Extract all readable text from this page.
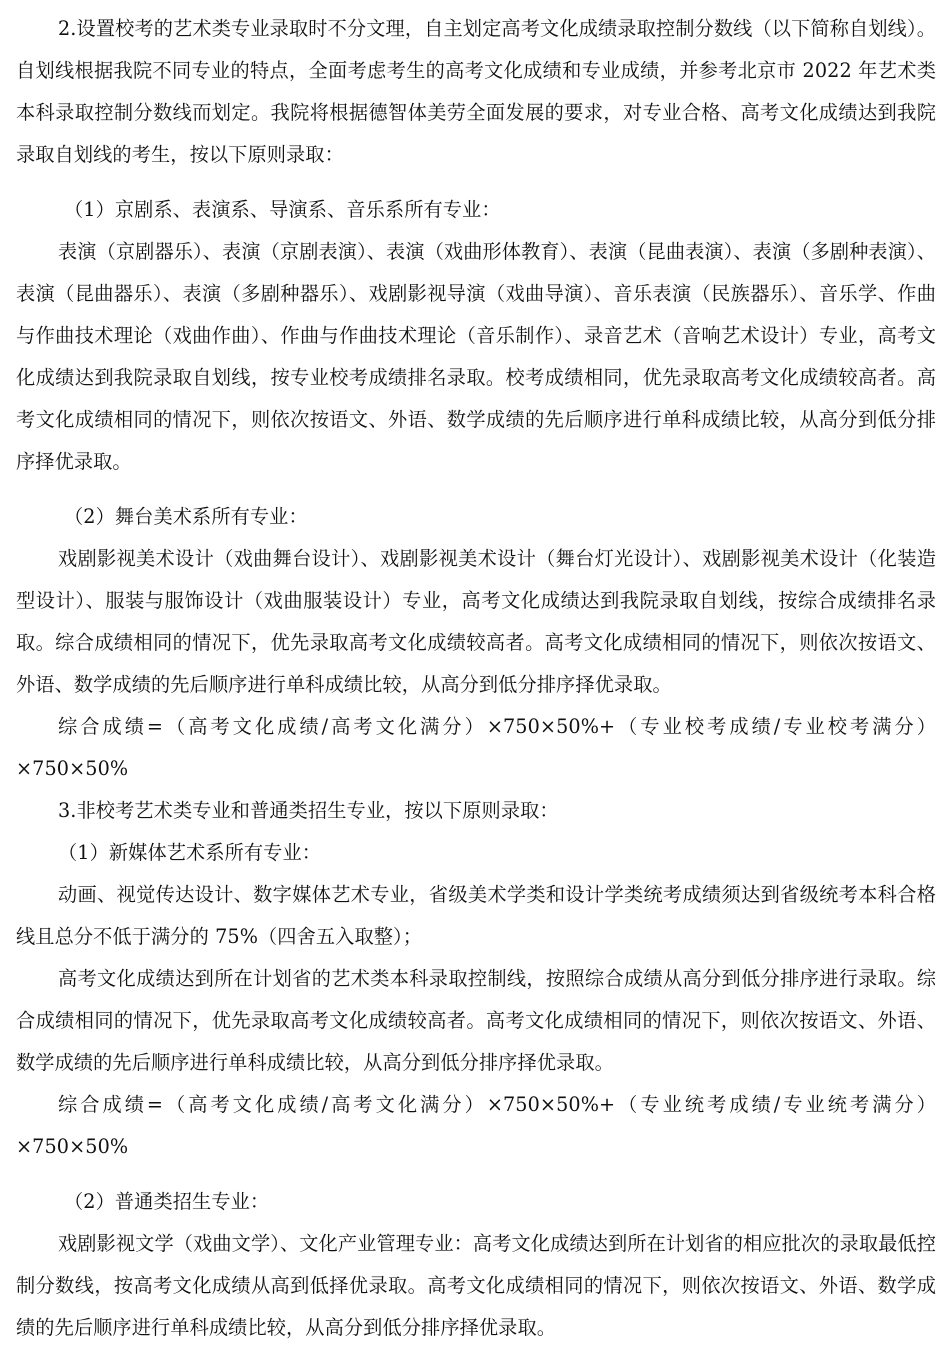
2.设置校考的艺术类专业录取时不分文理，自主划定高考文化成绩录取控制分数线（以下简称自划线）。自划线根据我院不同专业的特点，全面考虑考生的高考文化成绩和专业成绩，并参考北京市 2022 年艺术类本科录取控制分数线而划定。我院将根据德智体美劳全面发展的要求，对专业合格、高考文化成绩达到我院录取自划线的考生，按以下原则录取：

（1）京剧系、表演系、导演系、音乐系所有专业：

表演（京剧器乐）、表演（京剧表演）、表演（戏曲形体教育）、表演（昆曲表演）、表演（多剧种表演）、表演（昆曲器乐）、表演（多剧种器乐）、戏剧影视导演（戏曲导演）、音乐表演（民族器乐）、音乐学、作曲与作曲技术理论（戏曲作曲）、作曲与作曲技术理论（音乐制作）、录音艺术（音响艺术设计）专业，高考文化成绩达到我院录取自划线，按专业校考成绩排名录取。校考成绩相同，优先录取高考文化成绩较高者。高考文化成绩相同的情况下，则依次按语文、外语、数学成绩的先后顺序进行单科成绩比较，从高分到低分排序择优录取。

（2）舞台美术系所有专业：

戏剧影视美术设计（戏曲舞台设计）、戏剧影视美术设计（舞台灯光设计）、戏剧影视美术设计（化装造型设计）、服装与服饰设计（戏曲服装设计）专业，高考文化成绩达到我院录取自划线，按综合成绩排名录取。综合成绩相同的情况下，优先录取高考文化成绩较高者。高考文化成绩相同的情况下，则依次按语文、外语、数学成绩的先后顺序进行单科成绩比较，从高分到低分排序择优录取。

综合成绩=（高考文化成绩/高考文化满分）×750×50%+（专业校考成绩/专业校考满分）×750×50%

3.非校考艺术类专业和普通类招生专业，按以下原则录取：

（1）新媒体艺术系所有专业：

动画、视觉传达设计、数字媒体艺术专业，省级美术学类和设计学类统考成绩须达到省级统考本科合格线且总分不低于满分的 75%（四舍五入取整）；

高考文化成绩达到所在计划省的艺术类本科录取控制线，按照综合成绩从高分到低分排序进行录取。综合成绩相同的情况下，优先录取高考文化成绩较高者。高考文化成绩相同的情况下，则依次按语文、外语、数学成绩的先后顺序进行单科成绩比较，从高分到低分排序择优录取。

综合成绩=（高考文化成绩/高考文化满分）×750×50%+（专业统考成绩/专业统考满分）×750×50%

（2）普通类招生专业：

戏剧影视文学（戏曲文学）、文化产业管理专业：高考文化成绩达到所在计划省的相应批次的录取最低控制分数线，按高考文化成绩从高到低择优录取。高考文化成绩相同的情况下，则依次按语文、外语、数学成绩的先后顺序进行单科成绩比较，从高分到低分排序择优录取。
